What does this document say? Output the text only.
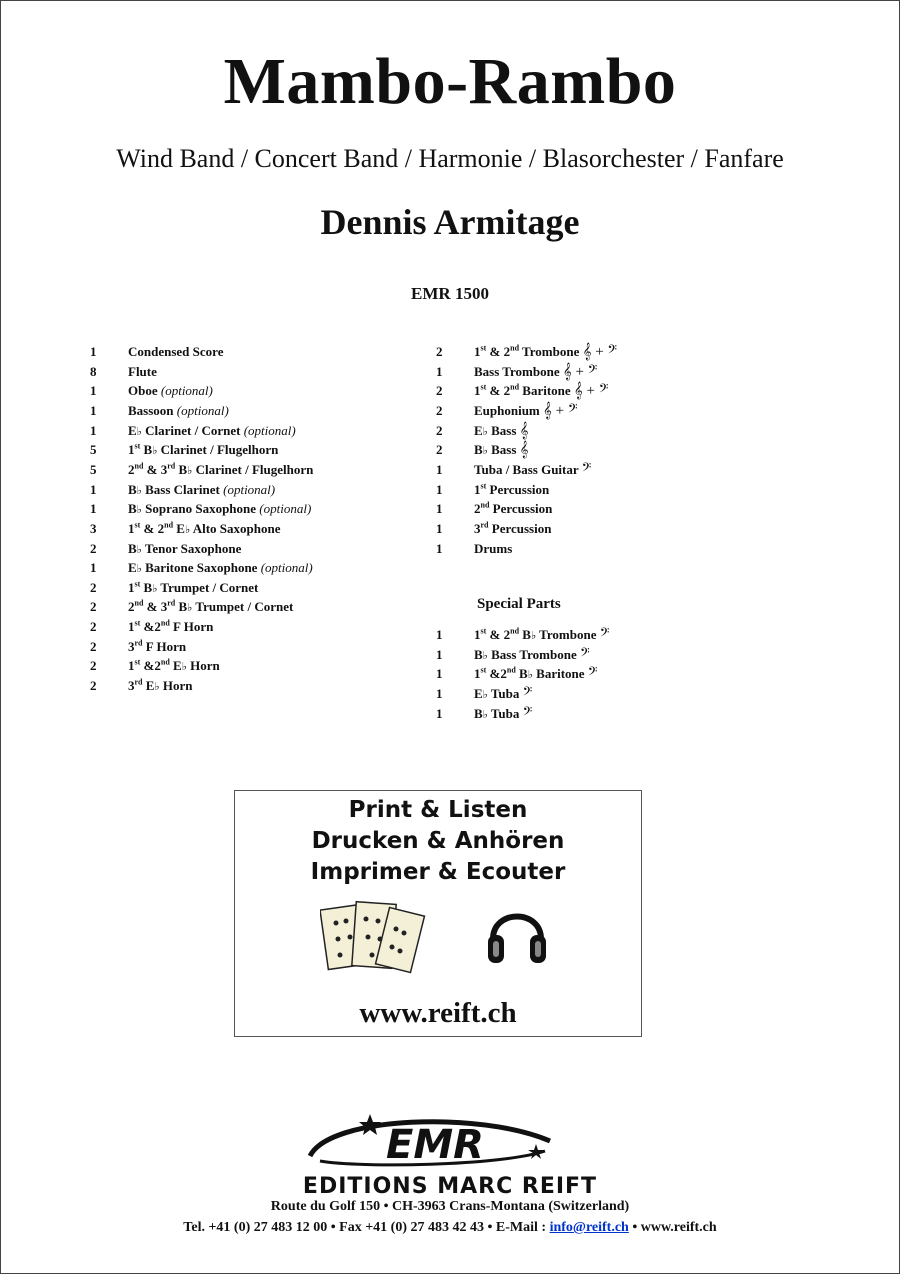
Mambo-Rambo
Wind Band / Concert Band / Harmonie / Blasorchester / Fanfare
Dennis Armitage
EMR 1500
1	Condensed Score
8	Flute
1	Oboe (optional)
1	Bassoon (optional)
1	E♭ Clarinet / Cornet (optional)
5	1st B♭ Clarinet / Flugelhorn
5	2nd & 3rd B♭ Clarinet / Flugelhorn
1	B♭ Bass Clarinet (optional)
1	B♭ Soprano Saxophone (optional)
3	1st & 2nd E♭ Alto Saxophone
2	B♭ Tenor Saxophone
1	E♭ Baritone Saxophone (optional)
2	1st B♭ Trumpet / Cornet
2	2nd & 3rd B♭ Trumpet / Cornet
2	1st &2nd F Horn
2	3rd F Horn
2	1st &2nd E♭ Horn
2	3rd E♭ Horn
2	1st & 2nd Trombone 𝄞 + 𝄢
1	Bass Trombone 𝄞 + 𝄢
2	1st & 2nd Baritone 𝄞 + 𝄢
2	Euphonium 𝄞 + 𝄢
2	E♭ Bass 𝄞
2	B♭ Bass 𝄞
1	Tuba / Bass Guitar 𝄢
1	1st Percussion
1	2nd Percussion
1	3rd Percussion
1	Drums
Special Parts
1	1st & 2nd B♭ Trombone 𝄢
1	B♭ Bass Trombone 𝄢
1	1st &2nd B♭ Baritone 𝄢
1	E♭ Tuba 𝄢
1	B♭ Tuba 𝄢
Print & Listen
Drucken & Anhören
Imprimer & Ecouter
www.reift.ch
EMR
EDITIONS MARC REIFT
Route du Golf 150 • CH-3963 Crans-Montana (Switzerland)
Tel. +41 (0) 27 483 12 00 • Fax +41 (0) 27 483 42 43 • E-Mail : info@reift.ch • www.reift.ch
